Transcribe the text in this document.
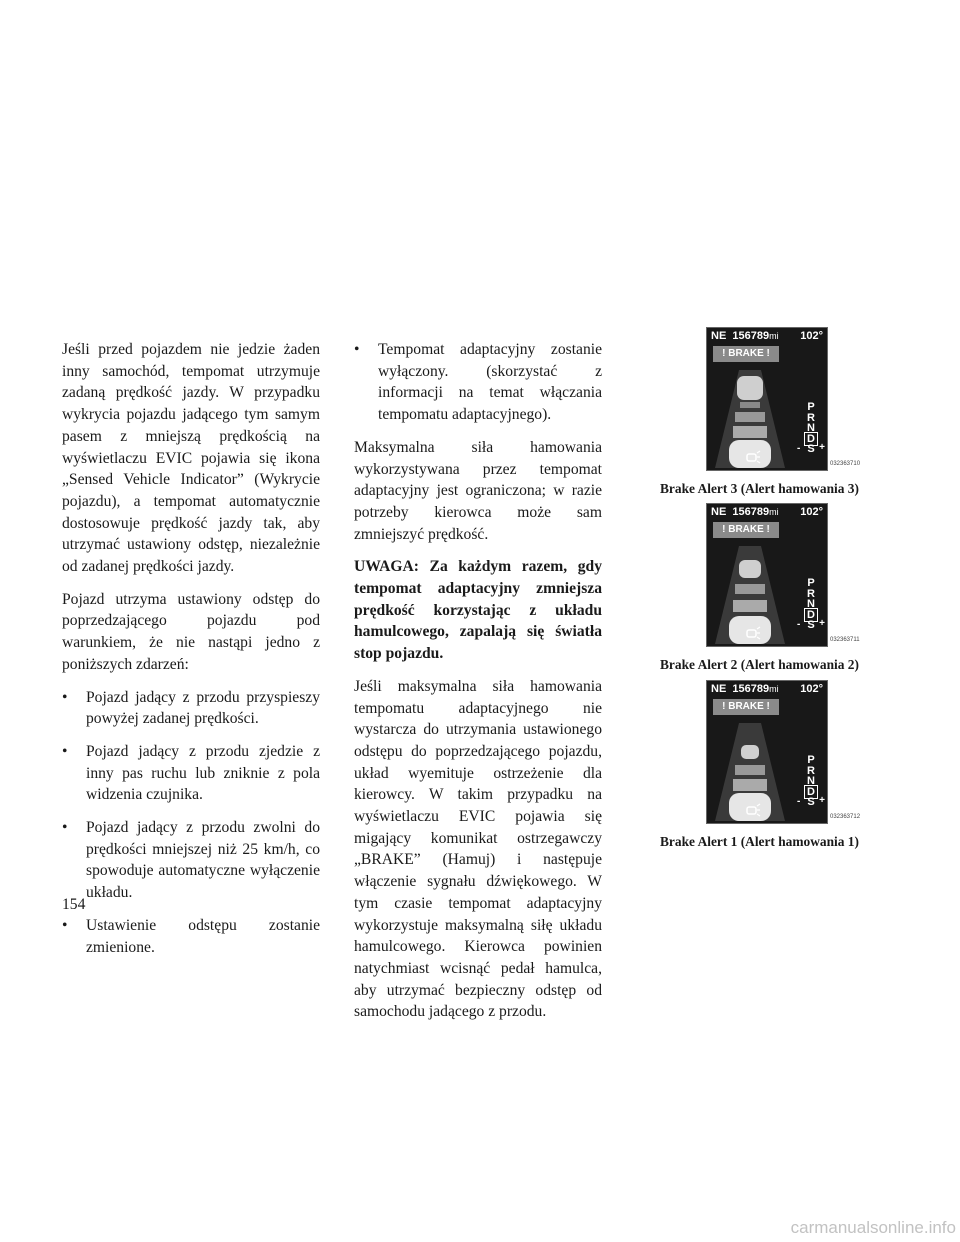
Jeśli przed pojazdem nie jedzie żaden inny samochód, tempomat utrzymuje zadaną prędkość jazdy. W przypadku wykrycia pojazdu jadącego tym samym pasem z mniejszą prędkością na wyświetlaczu EVIC pojawia się ikona „Sensed Vehicle Indicator” (Wykrycie pojazdu), a tempomat automatycznie dostosowuje prędkość jazdy tak, aby utrzymać ustawiony odstęp, niezależnie od zadanej prędkości jazdy.

Pojazd utrzyma ustawiony odstęp do poprzedzającego pojazdu pod warunkiem, że nie nastąpi jedno z poniższych zdarzeń:

• Pojazd jadący z przodu przyspieszy powyżej zadanej prędkości.
• Pojazd jadący z przodu zjedzie z inny pas ruchu lub zniknie z pola widzenia czujnika.
• Pojazd jadący z przodu zwolni do prędkości mniejszej niż 25 km/h, co spowoduje automatyczne wyłączenie układu.
• Ustawienie odstępu zostanie zmienione.
• Tempomat adaptacyjny zostanie wyłączony. (skorzystać z informacji na temat włączania tempomatu adaptacyjnego).

Maksymalna siła hamowania wykorzystywana przez tempomat adaptacyjny jest ograniczona; w razie potrzeby kierowca może sam zmniejszyć prędkość.

UWAGA: Za każdym razem, gdy tempomat adaptacyjny zmniejsza prędkość korzystając z układu hamulcowego, zapalają się światła stop pojazdu.

Jeśli maksymalna siła hamowania tempomatu adaptacyjnego nie wystarcza do utrzymania ustawionego odstępu do poprzedzającego pojazdu, układ wyemituje ostrzeżenie dla kierowcy. W takim przypadku na wyświetlaczu EVIC pojawia się migający komunikat ostrzegawczy „BRAKE” (Hamuj) i następuje włączenie sygnału dźwiękowego. W tym czasie tempomat adaptacyjny wykorzystuje maksymalną siłę układu hamulcowego. Kierowca powinien natychmiast wcisnąć pedał hamulca, aby utrzymać bezpieczny odstęp od samochodu jadącego z przodu.

NE 156789mi 102°
! BRAKE !
P
R
N
D
S
- +
032363710
Brake Alert 3 (Alert hamowania 3)
NE 156789mi 102°
! BRAKE !
P
R
N
D
S
- +
032363711
Brake Alert 2 (Alert hamowania 2)
NE 156789mi 102°
! BRAKE !
P
R
N
D
S
- +
032363712
Brake Alert 1 (Alert hamowania 1)
154
carmanualsonline.info
